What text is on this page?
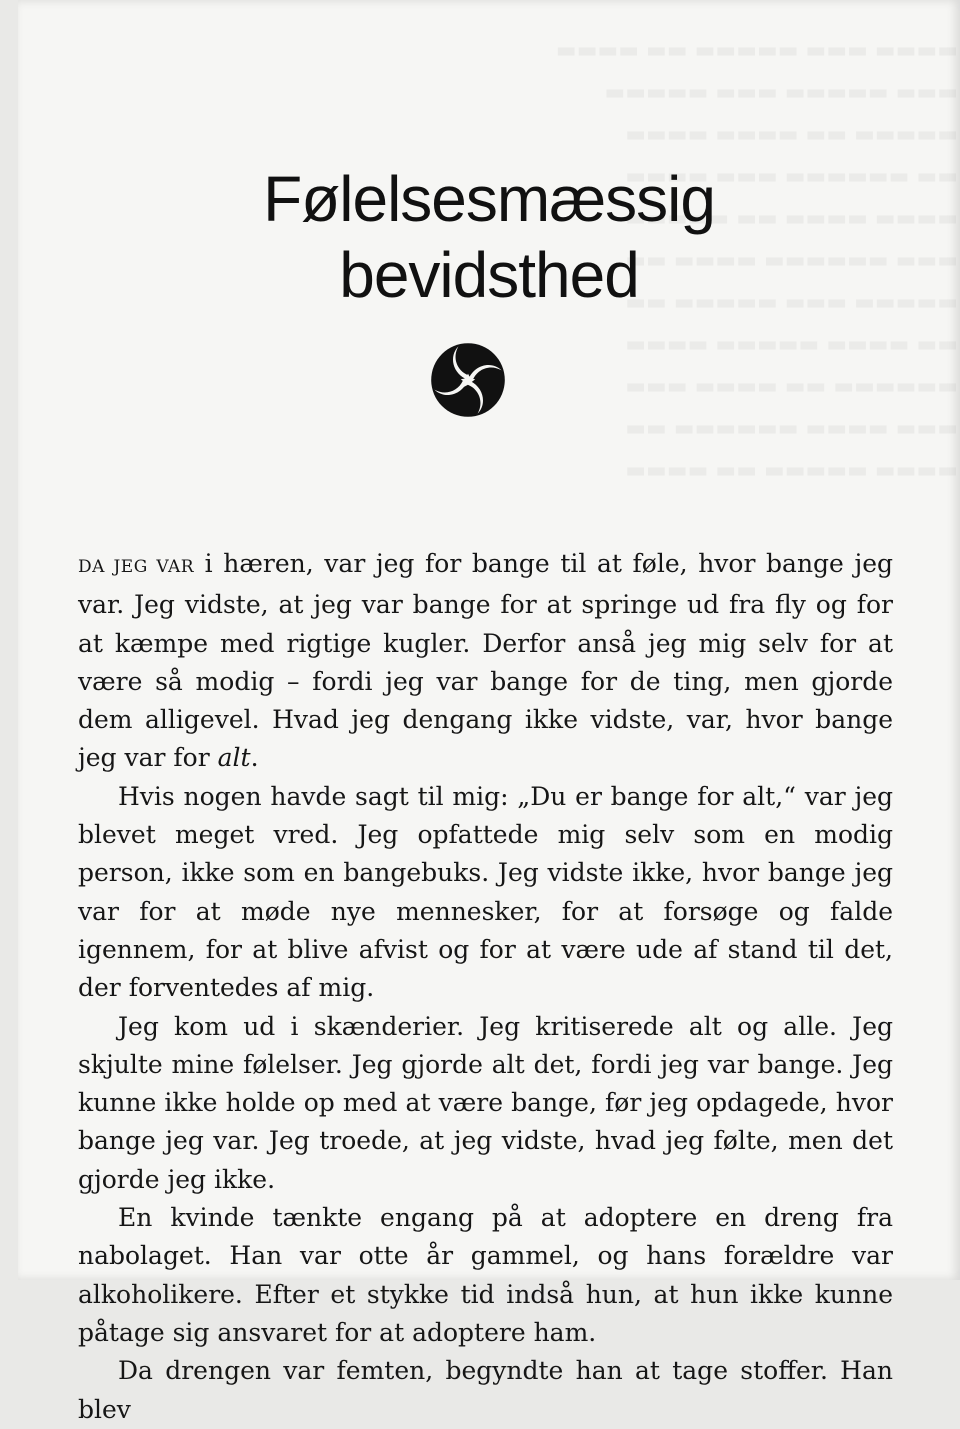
Følelsesmæssig
bevidsthed

DA JEG VAR i hæren, var jeg for bange til at føle, hvor bange jeg var. Jeg vidste, at jeg var bange for at springe ud fra fly og for at kæmpe med rigtige kugler. Derfor anså jeg mig selv for at være så modig – fordi jeg var bange for de ting, men gjorde dem alligevel. Hvad jeg dengang ikke vidste, var, hvor bange jeg var for alt.

Hvis nogen havde sagt til mig: „Du er bange for alt,“ var jeg blevet meget vred. Jeg opfattede mig selv som en modig person, ikke som en bangebuks. Jeg vidste ikke, hvor bange jeg var for at møde nye mennesker, for at forsøge og falde igennem, for at blive afvist og for at være ude af stand til det, der forventedes af mig.

Jeg kom ud i skænderier. Jeg kritiserede alt og alle. Jeg skjulte mine følelser. Jeg gjorde alt det, fordi jeg var bange. Jeg kunne ikke holde op med at være bange, før jeg opdagede, hvor bange jeg var. Jeg troede, at jeg vidste, hvad jeg følte, men det gjorde jeg ikke.

En kvinde tænkte engang på at adoptere en dreng fra nabolaget. Han var otte år gammel, og hans forældre var alkoholikere. Efter et stykke tid indså hun, at hun ikke kunne påtage sig ansvaret for at adoptere ham.

Da drengen var femten, begyndte han at tage stoffer. Han blev
